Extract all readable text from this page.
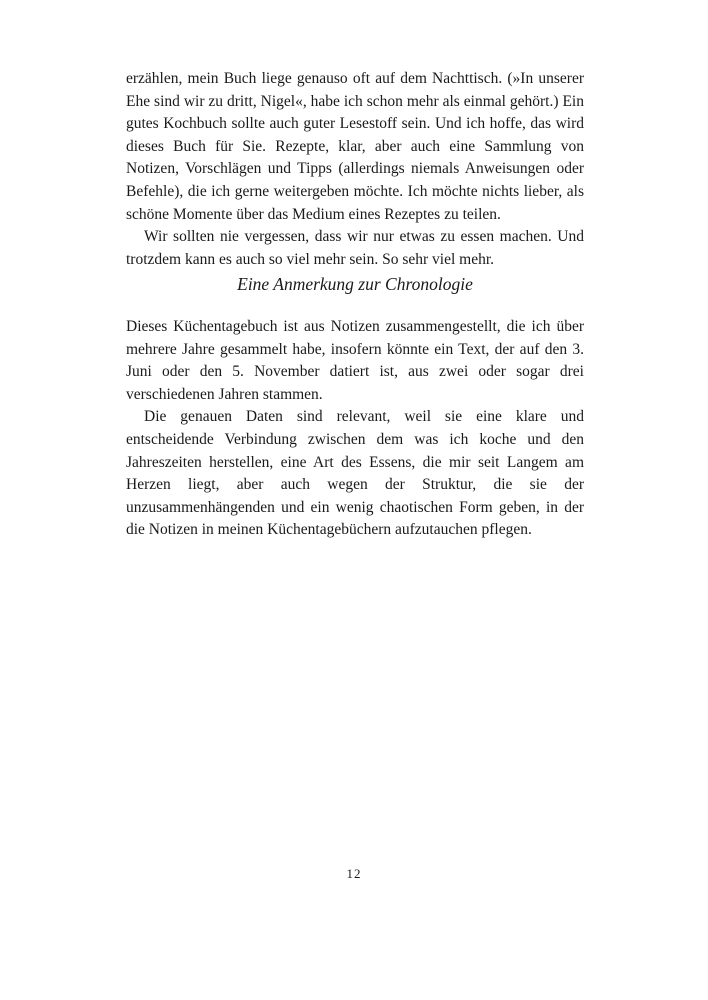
erzählen, mein Buch liege genauso oft auf dem Nachttisch. (»In unserer Ehe sind wir zu dritt, Nigel«, habe ich schon mehr als einmal gehört.) Ein gutes Kochbuch sollte auch guter Lesestoff sein. Und ich hoffe, das wird dieses Buch für Sie. Rezepte, klar, aber auch eine Sammlung von Notizen, Vorschlägen und Tipps (allerdings niemals Anweisungen oder Befehle), die ich gerne weitergeben möchte. Ich möchte nichts lieber, als schöne Momente über das Medium eines Rezeptes zu teilen.

Wir sollten nie vergessen, dass wir nur etwas zu essen machen. Und trotzdem kann es auch so viel mehr sein. So sehr viel mehr.

Eine Anmerkung zur Chronologie

Dieses Küchentagebuch ist aus Notizen zusammengestellt, die ich über mehrere Jahre gesammelt habe, insofern könnte ein Text, der auf den 3. Juni oder den 5. November datiert ist, aus zwei oder sogar drei verschiedenen Jahren stammen.

Die genauen Daten sind relevant, weil sie eine klare und entscheidende Verbindung zwischen dem was ich koche und den Jahreszeiten herstellen, eine Art des Essens, die mir seit Langem am Herzen liegt, aber auch wegen der Struktur, die sie der unzusammenhängenden und ein wenig chaotischen Form geben, in der die Notizen in meinen Küchentagebüchern aufzutauchen pflegen.

12
